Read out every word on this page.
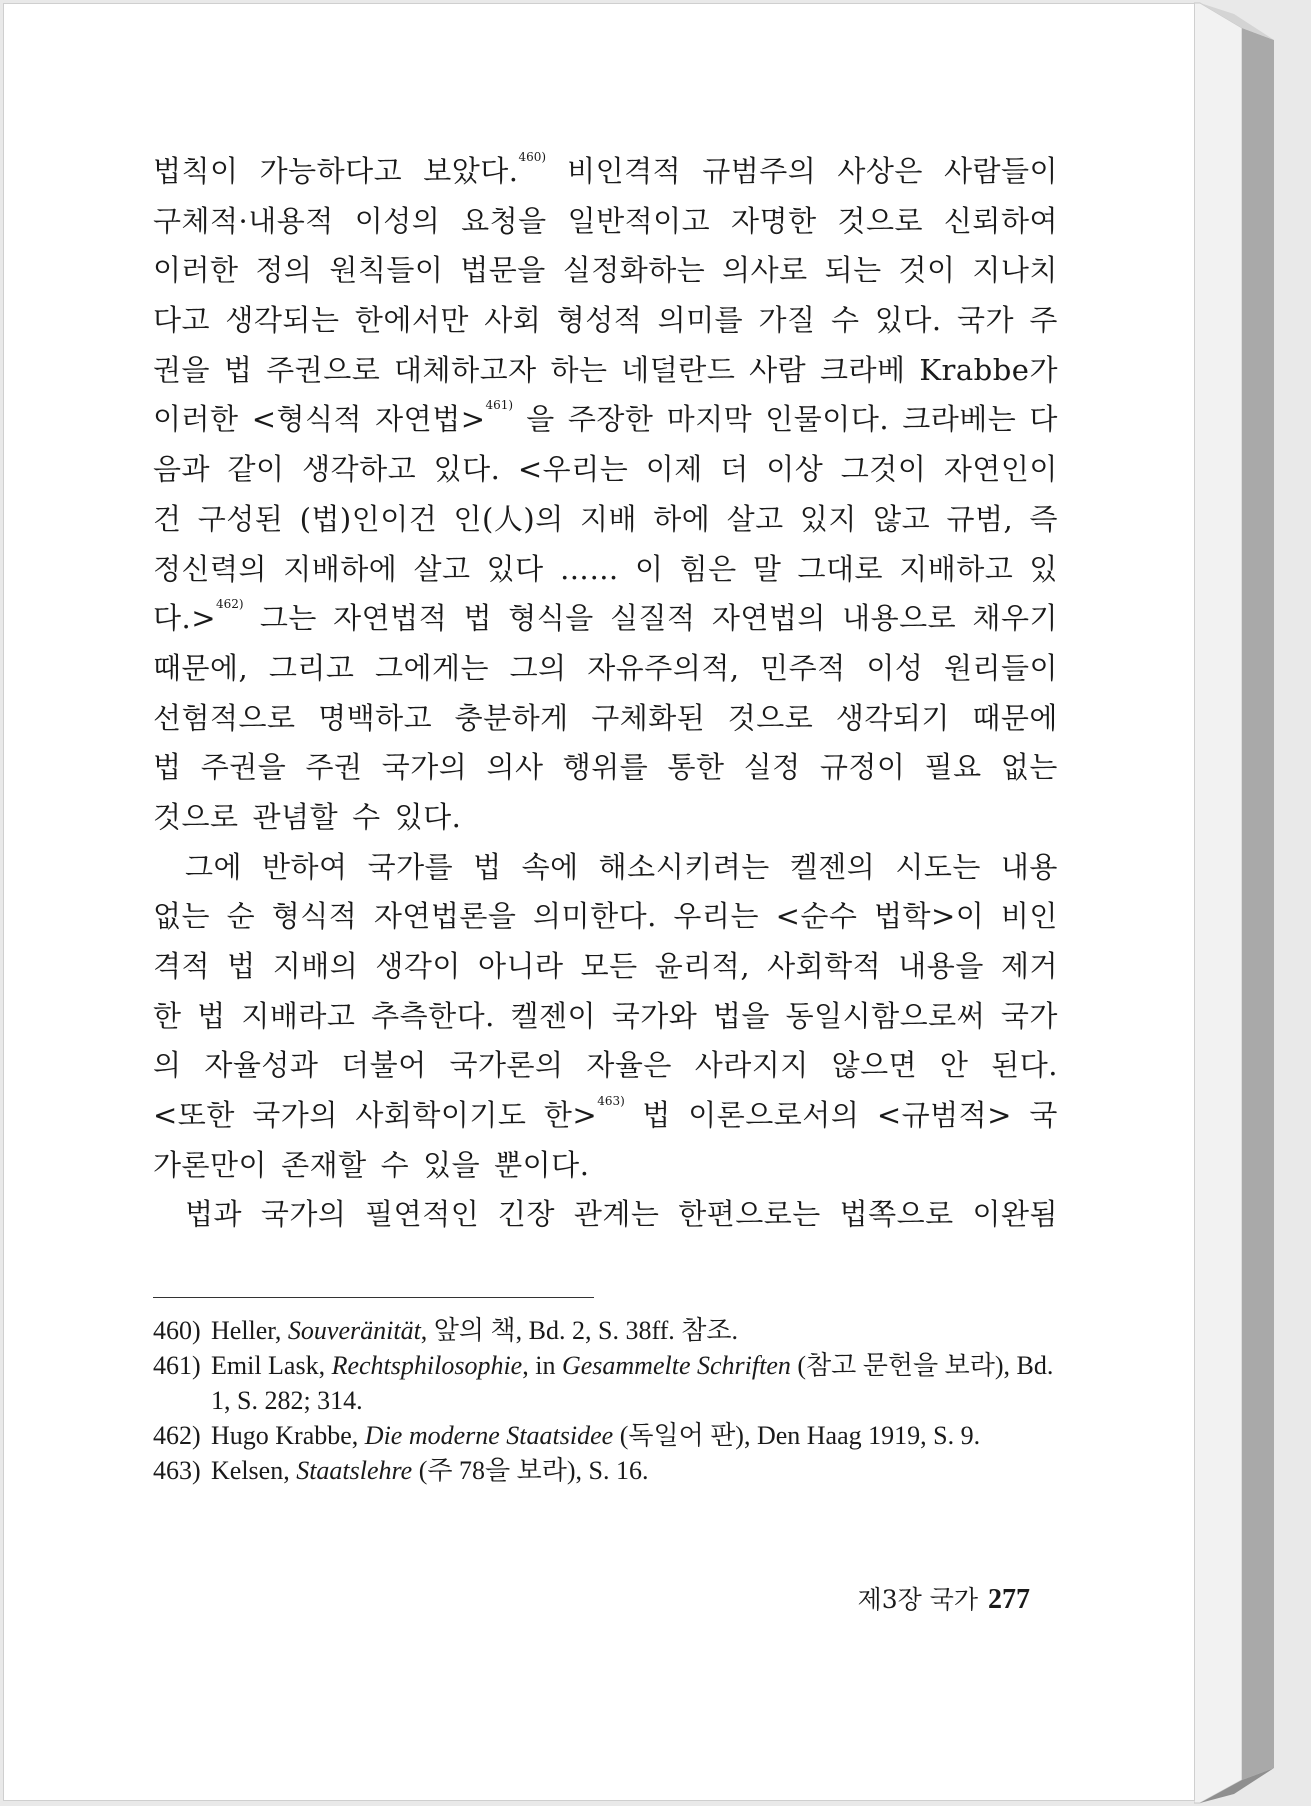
법칙이 가능하다고 보았다.$^{460)}$ 비인격적 규범주의 사상은 사람들이
구체적·내용적 이성의 요청을 일반적이고 자명한 것으로 신뢰하여
이러한 정의 원칙들이 법문을 실정화하는 의사로 되는 것이 지나치
다고 생각되는 한에서만 사회 형성적 의미를 가질 수 있다. 국가 주
권을 법 주권으로 대체하고자 하는 네덜란드 사람 크라베 Krabbe가
이러한 <형식적 자연법>$^{461)}$ 을 주장한 마지막 인물이다. 크라베는 다
음과 같이 생각하고 있다. <우리는 이제 더 이상 그것이 자연인이
건 구성된 (법)인이건 인(人)의 지배 하에 살고 있지 않고 규범, 즉
정신력의 지배하에 살고 있다 …… 이 힘은 말 그대로 지배하고 있
다.>$^{462)}$ 그는 자연법적 법 형식을 실질적 자연법의 내용으로 채우기
때문에, 그리고 그에게는 그의 자유주의적, 민주적 이성 원리들이
선험적으로 명백하고 충분하게 구체화된 것으로 생각되기 때문에
법 주권을 주권 국가의 의사 행위를 통한 실정 규정이 필요 없는
것으로 관념할 수 있다.
그에 반하여 국가를 법 속에 해소시키려는 켈젠의 시도는 내용
없는 순 형식적 자연법론을 의미한다. 우리는 <순수 법학>이 비인
격적 법 지배의 생각이 아니라 모든 윤리적, 사회학적 내용을 제거
한 법 지배라고 추측한다. 켈젠이 국가와 법을 동일시함으로써 국가
의 자율성과 더불어 국가론의 자율은 사라지지 않으면 안 된다.
<또한 국가의 사회학이기도 한>$^{463)}$ 법 이론으로서의 <규범적> 국
가론만이 존재할 수 있을 뿐이다.
법과 국가의 필연적인 긴장 관계는 한편으로는 법쪽으로 이완됨
460) Heller, Souveränität, 앞의 책, Bd. 2, S. 38ff. 참조.
461) Emil Lask, Rechtsphilosophie, in Gesammelte Schriften (참고 문헌을 보라), Bd. 1, S. 282; 314.
462) Hugo Krabbe, Die moderne Staatsidee (독일어 판), Den Haag 1919, S. 9.
463) Kelsen, Staatslehre (주 78을 보라), S. 16.
제3장 국가 277
